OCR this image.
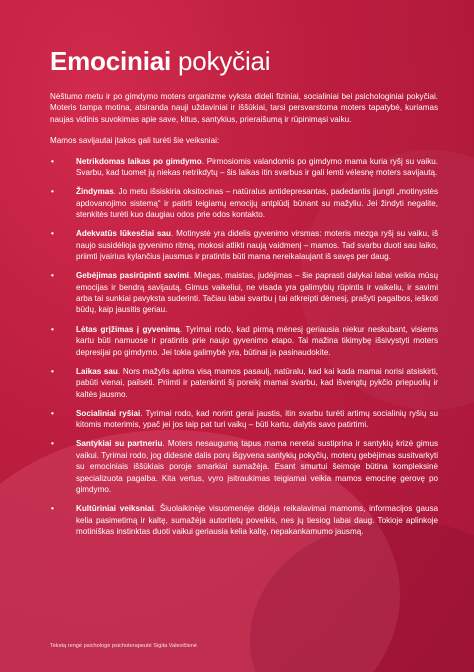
Emociniai pokyčiai

Nėštumo metu ir po gimdymo moters organizme vyksta dideli fiziniai, socialiniai bei psichologiniai pokyčiai. Moteris tampa motina, atsiranda nauji uždaviniai ir iššūkiai, tarsi persvarstoma moters tapatybė, kuriamas naujas vidinis suvokimas apie save, kitus, santykius, prieraišumą ir rūpinimąsi vaiku.

Mamos savijautai įtakos gali turėti šie veiksniai:

•	Netrikdomas laikas po gimdymo. Pirmosiomis valandomis po gimdymo mama kuria ryšį su vaiku. Svarbu, kad tuomet jų niekas netrikdytų – šis laikas itin svarbus ir gali lemti vėlesnę moters savijautą.
•	Žindymas. Jo metu išsiskiria oksitocinas – natūralus antidepresantas, padedantis įjungti „motinystės apdovanojimo sistemą“ ir patirti teigiamų emocijų antplūdį būnant su mažyliu. Jei žindyti negalite, stenkitės turėti kuo daugiau odos prie odos kontakto.
•	Adekvatūs lūkesčiai sau. Motinystė yra didelis gyvenimo virsmas: moteris mezga ryšį su vaiku, iš naujo susidėlioja gyvenimo ritmą, mokosi atlikti naują vaidmenį – mamos. Tad svarbu duoti sau laiko, priimti įvairius kylančius jausmus ir pratintis būti mama nereikalaujant iš savęs per daug.
•	Gebėjimas pasirūpinti savimi. Miegas, maistas, judėjimas – šie paprasti dalykai labai veikia mūsų emocijas ir bendrą savijautą. Gimus vaikeliui, ne visada yra galimybių rūpintis ir vaikeliu, ir savimi arba tai sunkiai pavyksta suderinti. Tačiau labai svarbu į tai atkreipti dėmesį, prašyti pagalbos, ieškoti būdų, kaip jausitis geriau.
•	Lėtas grįžimas į gyvenimą. Tyrimai rodo, kad pirmą mėnesį geriausia niekur neskubant, visiems kartu būti namuose ir pratintis prie naujo gyvenimo etapo. Tai mažina tikimybę išsivystyti moters depresijai po gimdymo. Jei tokia galimybė yra, būtinai ja pasinaudokite.
•	Laikas sau. Nors mažylis apima visą mamos pasaulį, natūralu, kad kai kada mamai norisi atsiskirti, pabūti vienai, pailsėti. Priimti ir patenkinti šį poreikį mamai svarbu, kad išvengtų pykčio priepuolių ir kaltės jausmo.
•	Socialiniai ryšiai. Tyrimai rodo, kad norint gerai jaustis, itin svarbu turėti artimų socialinių ryšių su kitomis moterimis, ypač jei jos taip pat turi vaikų – būti kartu, dalytis savo patirtimi.
•	Santykiai su partneriu. Moters nesaugumą tapus mama neretai sustiprina ir santykių krizė gimus vaikui. Tyrimai rodo, jog didesnė dalis porų išgyvena santykių pokyčių, moterų gebėjimas susitvarkyti su emociniais iššūkiais poroje smarkiai sumažėja. Esant smurtui šeimoje būtina kompleksinė specializuota pagalba. Kita vertus, vyro įsitraukimas teigiamai veikia mamos emocinę gerovę po gimdymo.
•	Kultūriniai veiksniai. Šiuolaikinėje visuomenėje didėja reikalavimai mamoms, informacijos gausa kelia pasimetimą ir kaltę, sumažėja autoritetų poveikis, nes jų tiesiog labai daug. Tokioje aplinkoje motiniškas instinktas duoti vaikui geriausia kelia kaltę, nepakankamumo jausmą.
Tekstą rengė psichologė psichoterapeutė Sigita Valevičienė
